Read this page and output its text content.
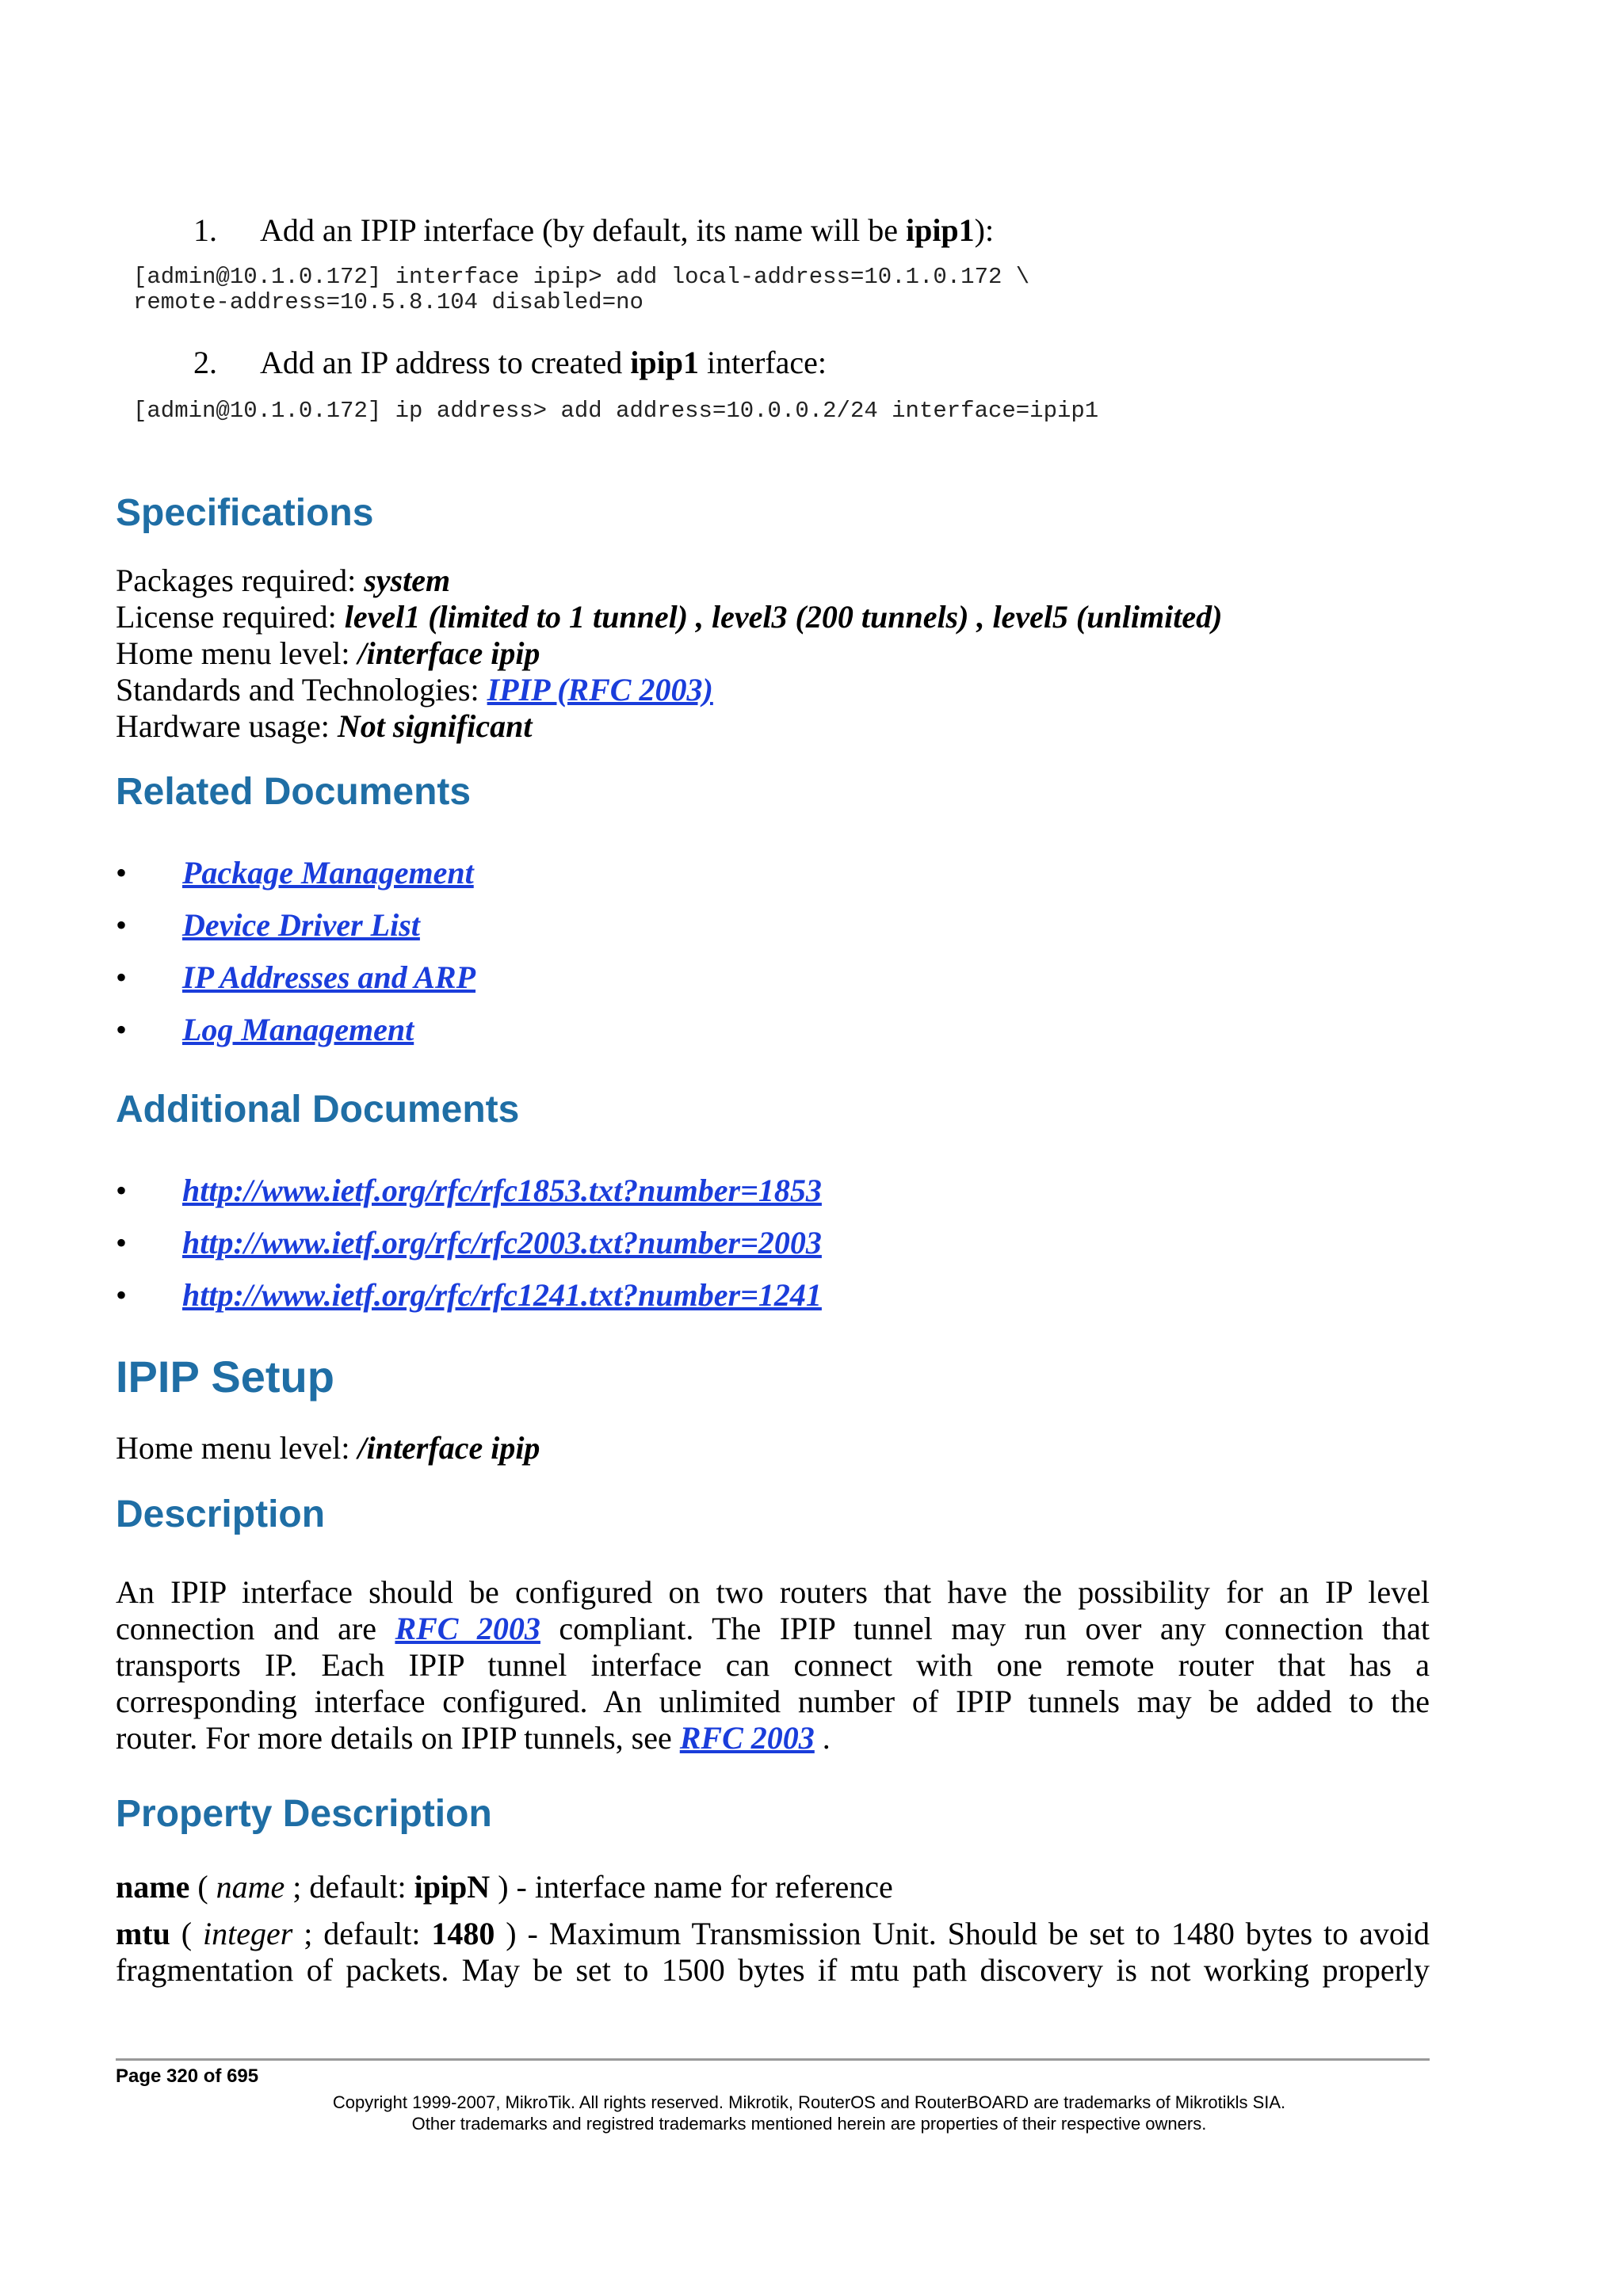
1. Add an IPIP interface (by default, its name will be ipip1):
[admin@10.1.0.172] interface ipip> add local-address=10.1.0.172 \
remote-address=10.5.8.104 disabled=no
2. Add an IP address to created ipip1 interface:
[admin@10.1.0.172] ip address> add address=10.0.0.2/24 interface=ipip1
Specifications
Packages required: system
License required: level1 (limited to 1 tunnel) , level3 (200 tunnels) , level5 (unlimited)
Home menu level: /interface ipip
Standards and Technologies: IPIP (RFC 2003)
Hardware usage: Not significant
Related Documents
• Package Management
• Device Driver List
• IP Addresses and ARP
• Log Management
Additional Documents
• http://www.ietf.org/rfc/rfc1853.txt?number=1853
• http://www.ietf.org/rfc/rfc2003.txt?number=2003
• http://www.ietf.org/rfc/rfc1241.txt?number=1241
IPIP Setup
Home menu level: /interface ipip
Description
An IPIP interface should be configured on two routers that have the possibility for an IP level
connection and are RFC 2003 compliant. The IPIP tunnel may run over any connection that
transports IP. Each IPIP tunnel interface can connect with one remote router that has a
corresponding interface configured. An unlimited number of IPIP tunnels may be added to the
router. For more details on IPIP tunnels, see RFC 2003 .
Property Description
name ( name ; default: ipipN ) - interface name for reference
mtu ( integer ; default: 1480 ) - Maximum Transmission Unit. Should be set to 1480 bytes to avoid
fragmentation of packets. May be set to 1500 bytes if mtu path discovery is not working properly
Page 320 of 695
Copyright 1999-2007, MikroTik. All rights reserved. Mikrotik, RouterOS and RouterBOARD are trademarks of Mikrotikls SIA.
Other trademarks and registred trademarks mentioned herein are properties of their respective owners.
